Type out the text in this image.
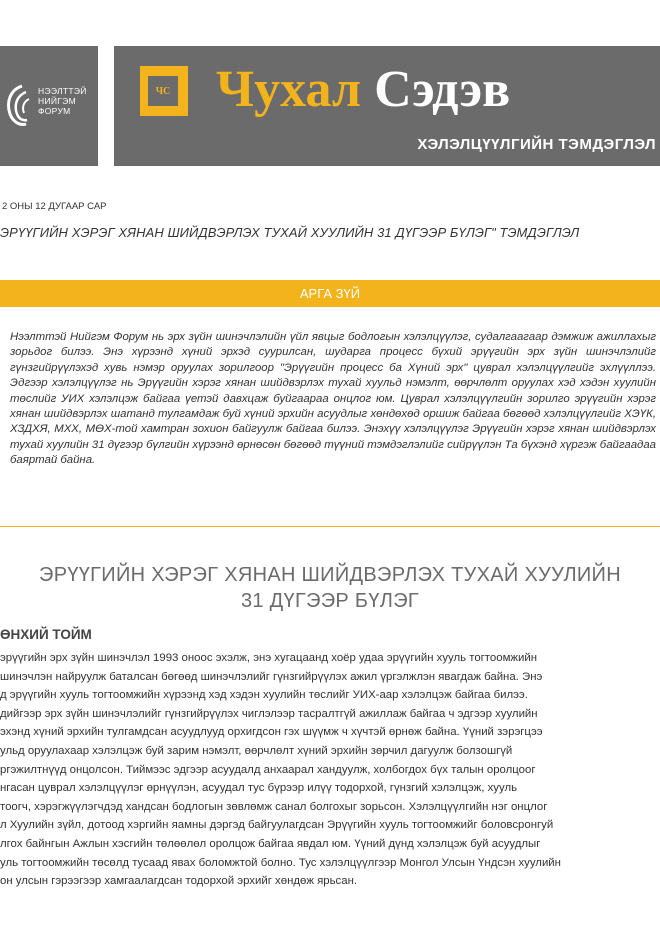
НЭЭЛТТЭЙ
НИЙГЭМ
ФОРУМ
ЧС Чухал Сэдэв
ХЭЛЭЛЦҮҮЛГИЙН ТЭМДЭГЛЭЛ
2 ОНЫ 12 ДУГААР САР
ЭРҮҮГИЙН ХЭРЭГ ХЯНАН ШИЙДВЭРЛЭХ ТУХАЙ ХУУЛИЙН 31 ДҮГЭЭР БҮЛЭГ" ТЭМДЭГЛЭЛ
АРГА ЗҮЙ

Нээлттэй Нийгэм Форум нь эрх зүйн шинэчлэлийн үйл явцыг бодлогын хэлэлцүүлэг, судалгаагаар дэмжиж ажиллахыг зорьдог билээ. Энэ хүрээнд хүний эрхэд суурилсан, шударга процесс бүхий эрүүгийн эрх зүйн шинэчлэлийг гүнзгийрүүлэхэд хувь нэмэр оруулах зорилгоор "Эрүүгийн процесс ба Хүний эрх" цуврал хэлэлцүүлгийг эхлүүллээ. Эдгээр хэлэлцүүлэг нь Эрүүгийн хэрэг хянан шийдвэрлэх тухай хуульд нэмэлт, өөрчлөлт оруулах хэд хэдэн хуулийн төслийг УИХ хэлэлцэж байгаа үетэй давхцаж буйгаараа онцлог юм. Цуврал хэлэлцүүлгийн зорилго эрүүгийн хэрэг хянан шийдвэрлэх шатанд тулгамдаж буй хүний эрхийн асуудлыг хөндөхөд оршиж байгаа бөгөөд хэлэлцүүлгийг ХЭҮК, ХЗДХЯ, МХХ, МӨХ-той хамтран зохион байгуулж байгаа билээ. Энэхүү хэлэлцүүлэг Эрүүгийн хэрэг хянан шийдвэрлэх тухай хуулийн 31 дүгээр бүлгийн хүрээнд өрнөсөн бөгөөд түүний тэмдэглэлийг сийрүүлэн Та бүхэнд хүргэж байгаадаа баяртай байна.

ЭРҮҮГИЙН ХЭРЭГ ХЯНАН ШИЙДВЭРЛЭХ ТУХАЙ ХУУЛИЙН
31 ДҮГЭЭР БҮЛЭГ
ӨНХИЙ ТОЙМ
эрүүгийн эрх зүйн шинэчлэл 1993 оноос эхэлж, энэ хугацаанд хоёр удаа эрүүгийн хууль тогтоомжийн
шинэчлэн найруулж баталсан бөгөөд шинэчлэлийг гүнзгийрүүлэх ажил үргэлжлэн явагдаж байна. Энэ
д эрүүгийн хууль тогтоомжийн хүрээнд хэд хэдэн хуулийн төслийг УИХ-аар хэлэлцэж байгаа билээ.
дийгээр эрх зүйн шинэчлэлийг гүнзгийрүүлэх чиглэлээр тасралтгүй ажиллаж байгаа ч эдгээр хуулийн
эхэнд хүний эрхийн тулгамдсан асуудлууд орхигдсон гэх шүүмж ч хүчтэй өрнөж байна. Үүний зэрэгцээ
ульд оруулахаар хэлэлцэж буй зарим нэмэлт, өөрчлөлт хүний эрхийн зөрчил дагуулж болзошгүй
ргэжилтнүүд онцолсон. Тиймээс эдгээр асуудалд анхаарал хандуулж, холбогдох бүх талын оролцоог
нгасан цуврал хэлэлцүүлэг өрнүүлэн, асуудал тус бүрээр илүү тодорхой, гүнзгий хэлэлцэж, хууль
тоогч, хэрэгжүүлэгчдэд хандсан бодлогын зөвлөмж санал болгохыг зорьсон. Хэлэлцүүлгийн нэг онцлог
л Хуулийн зүйл, дотоод хэргийн яамны дэргэд байгуулагдсан Эрүүгийн хууль тогтоомжийг боловсронгуй
лгох байнгын Ажлын хэсгийн төлөөлөл оролцож байгаа явдал юм. Үүний дүнд хэлэлцэж буй асуудлыг
уль тогтоомжийн төсөлд тусаад явах боломжтой болно. Тус хэлэлцүүлгээр Монгол Улсын Үндсэн хуулийн
он улсын гэрээгээр хамгаалагдсан тодорхой эрхийг хөндөж ярьсан.
